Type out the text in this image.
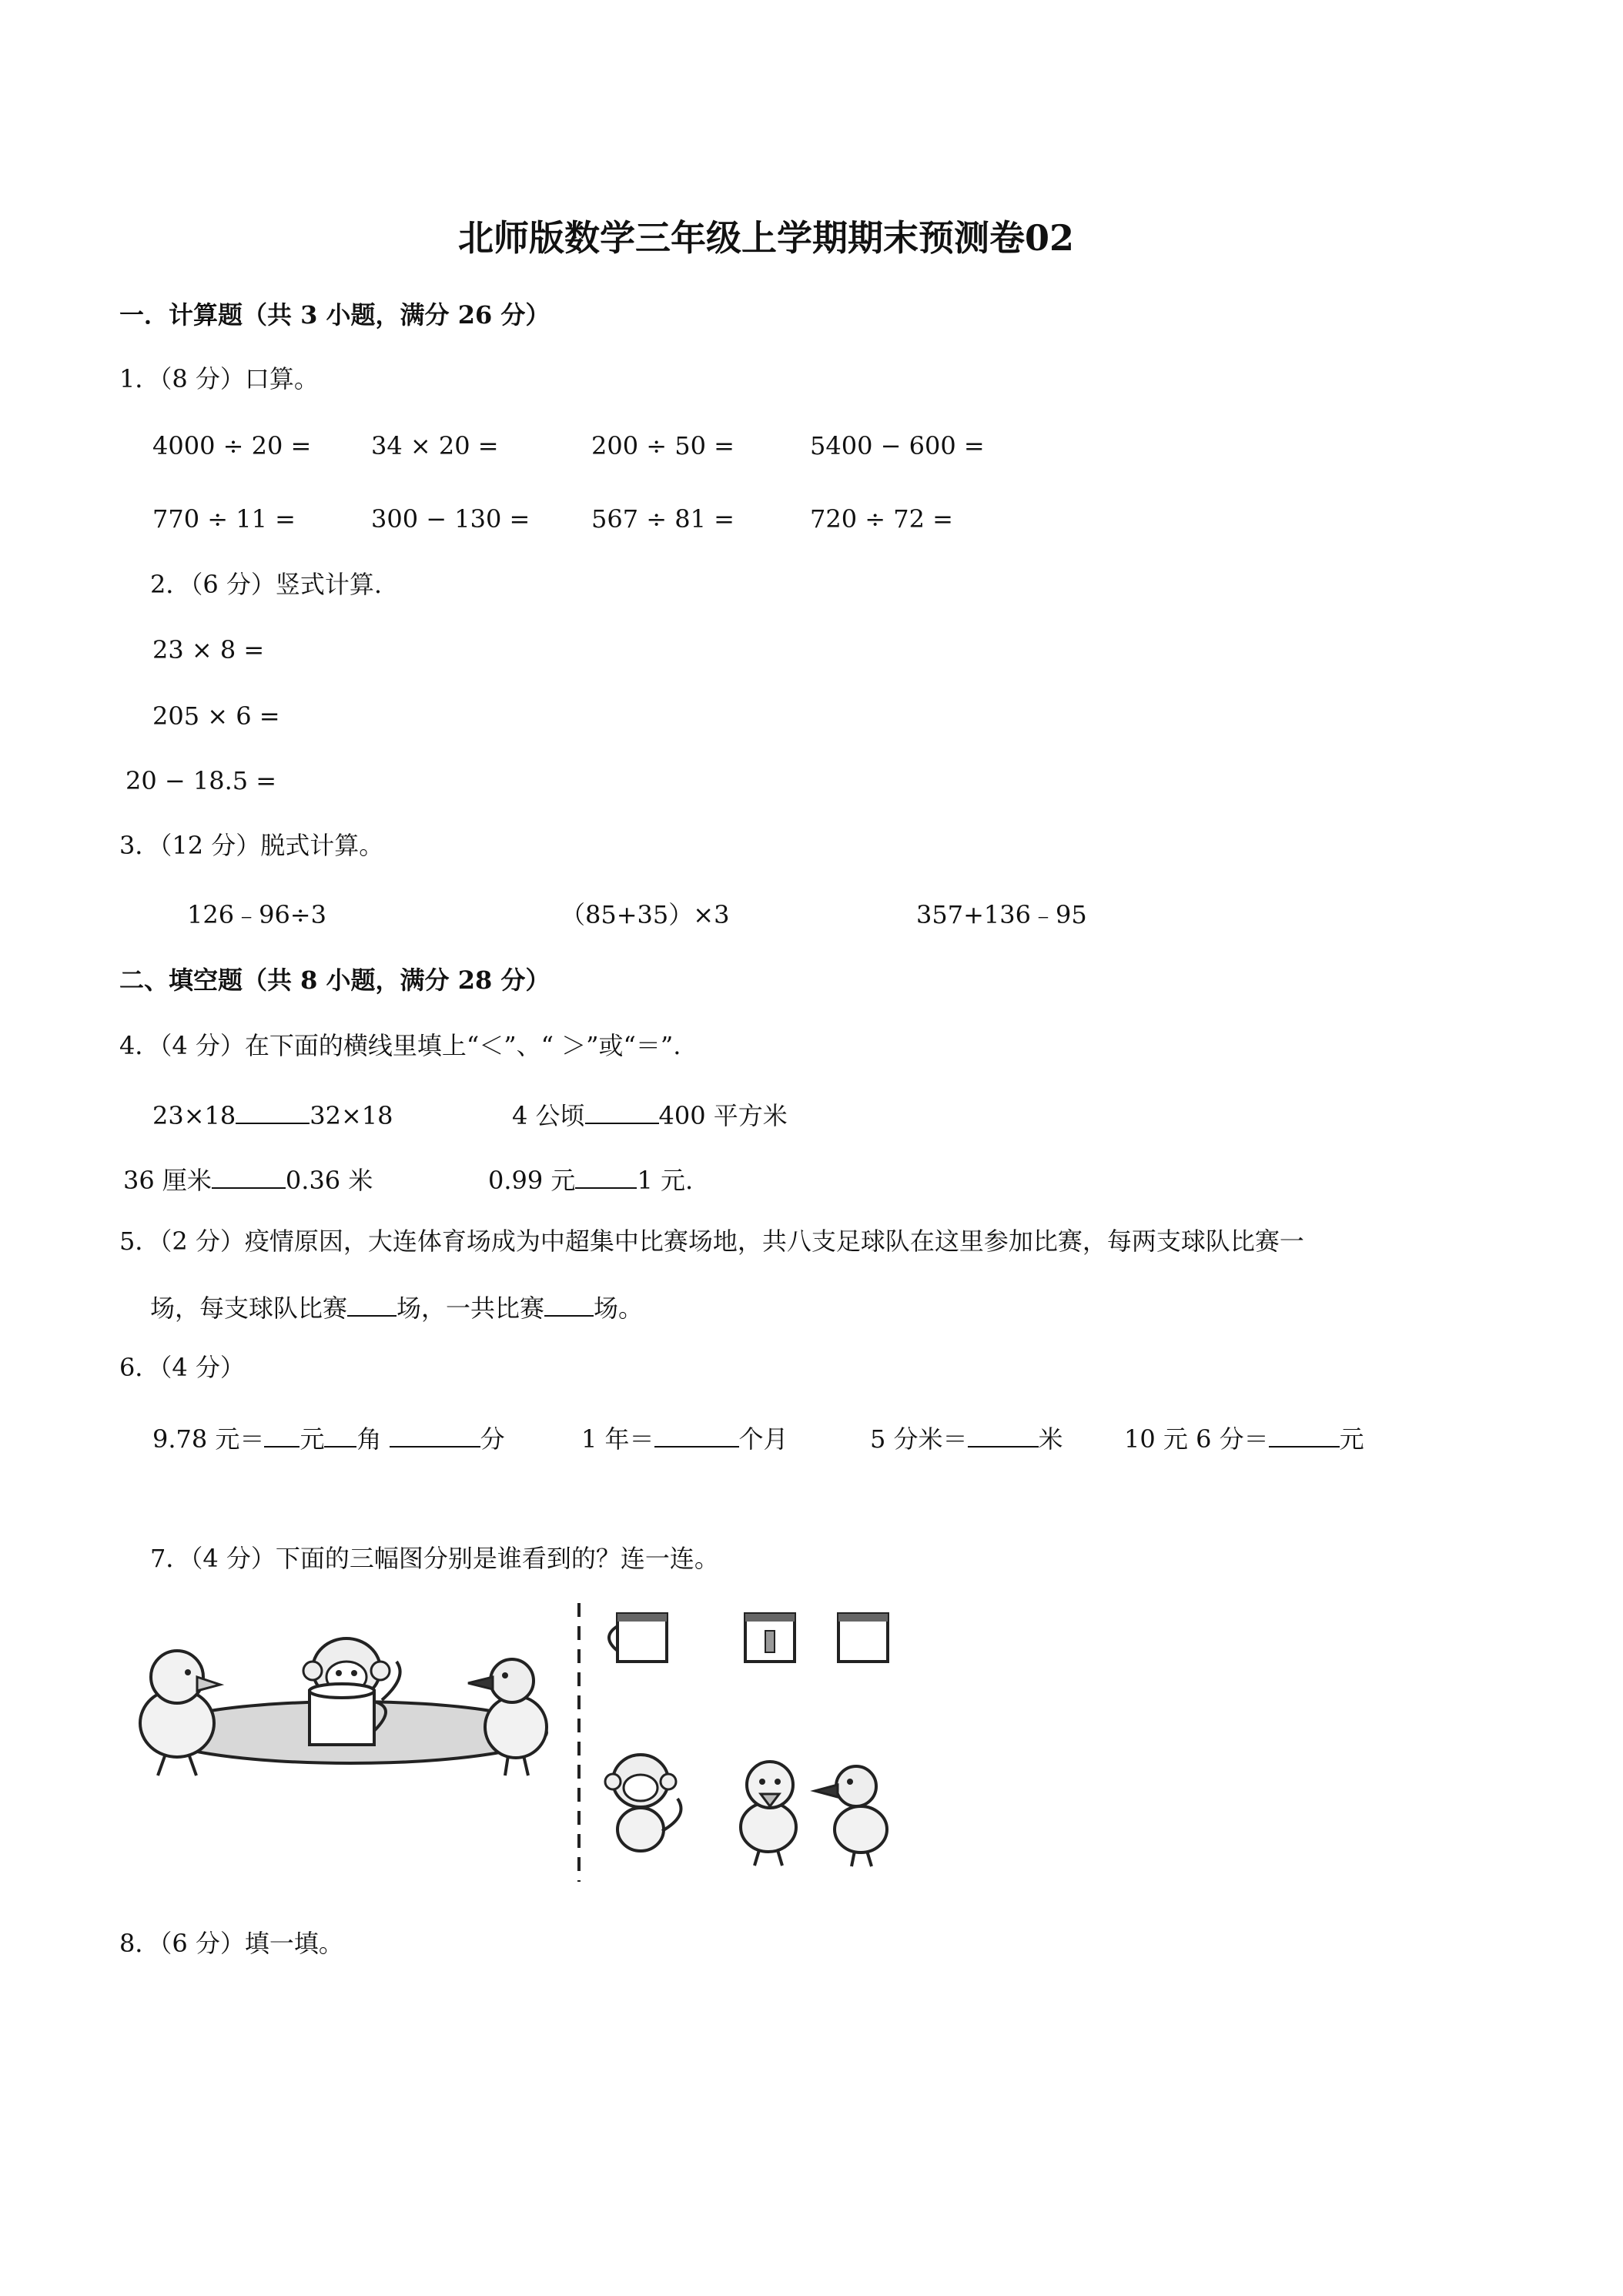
北师版数学三年级上学期期末预测卷02
一．计算题（共 3 小题，满分 26 分）
1．（8 分）口算。
4000 ÷ 20 = 34 × 20 =	200 ÷ 50 =	5400 − 600 =
770 ÷ 11 =	300 − 130 = 567 ÷ 81 =	720 ÷ 72 =
2．（6 分）竖式计算.
23 × 8 =
205 × 6 =
20 − 18.5 =
3．（12 分）脱式计算。
126﹣96÷3	（85+35）×3	357+136﹣95
二、填空题（共 8 小题，满分 28 分）
4．（4 分）在下面的横线里填上“＜”、“ ＞”或“＝”.
23×18	32×18	4 公顷	400 平方米
36 厘米	0.36 米	0.99 元	1 元.
5．（2 分）疫情原因，大连体育场成为中超集中比赛场地，共八支足球队在这里参加比赛，每两支球队比赛一
场，每支球队比赛 场，一共比赛 场。
6．（4 分）
9.78 元＝ 元 角	分	1 年＝	个月	5 分米＝	米 10 元 6 分＝	元
7．（4 分）下面的三幅图分别是谁看到的？连一连。
8．（6 分）填一填。
